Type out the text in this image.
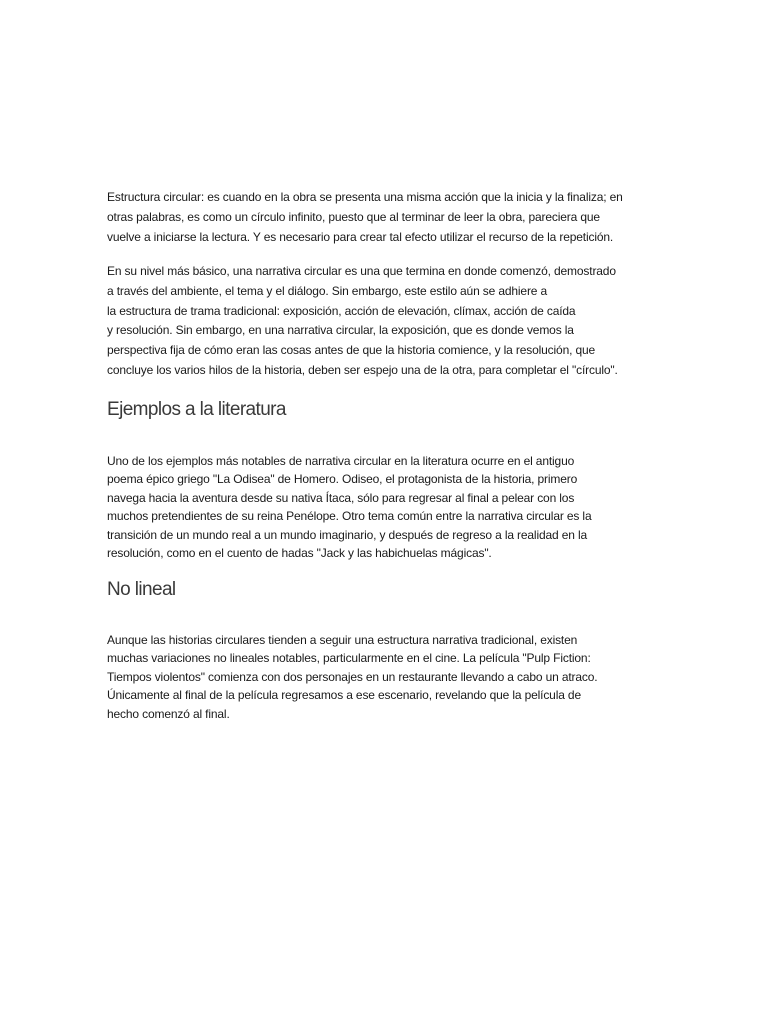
Estructura circular: es cuando en la obra se presenta una misma acción que la inicia y la finaliza; en
otras palabras, es como un círculo infinito, puesto que al terminar de leer la obra, pareciera que
vuelve a iniciarse la lectura. Y es necesario para crear tal efecto utilizar el recurso de la repetición.

En su nivel más básico, una narrativa circular es una que termina en donde comenzó, demostrado
a través del ambiente, el tema y el diálogo. Sin embargo, este estilo aún se adhiere a
la estructura de trama tradicional: exposición, acción de elevación, clímax, acción de caída
y resolución. Sin embargo, en una narrativa circular, la exposición, que es donde vemos la
perspectiva fija de cómo eran las cosas antes de que la historia comience, y la resolución, que
concluye los varios hilos de la historia, deben ser espejo una de la otra, para completar el "círculo".

Ejemplos a la literatura

Uno de los ejemplos más notables de narrativa circular en la literatura ocurre en el antiguo
poema épico griego "La Odisea" de Homero. Odiseo, el protagonista de la historia, primero
navega hacia la aventura desde su nativa Ítaca, sólo para regresar al final a pelear con los
muchos pretendientes de su reina Penélope. Otro tema común entre la narrativa circular es la
transición de un mundo real a un mundo imaginario, y después de regreso a la realidad en la
resolución, como en el cuento de hadas "Jack y las habichuelas mágicas".

No lineal

Aunque las historias circulares tienden a seguir una estructura narrativa tradicional, existen
muchas variaciones no lineales notables, particularmente en el cine. La película "Pulp Fiction:
Tiempos violentos" comienza con dos personajes en un restaurante llevando a cabo un atraco.
Únicamente al final de la película regresamos a ese escenario, revelando que la película de
hecho comenzó al final.
